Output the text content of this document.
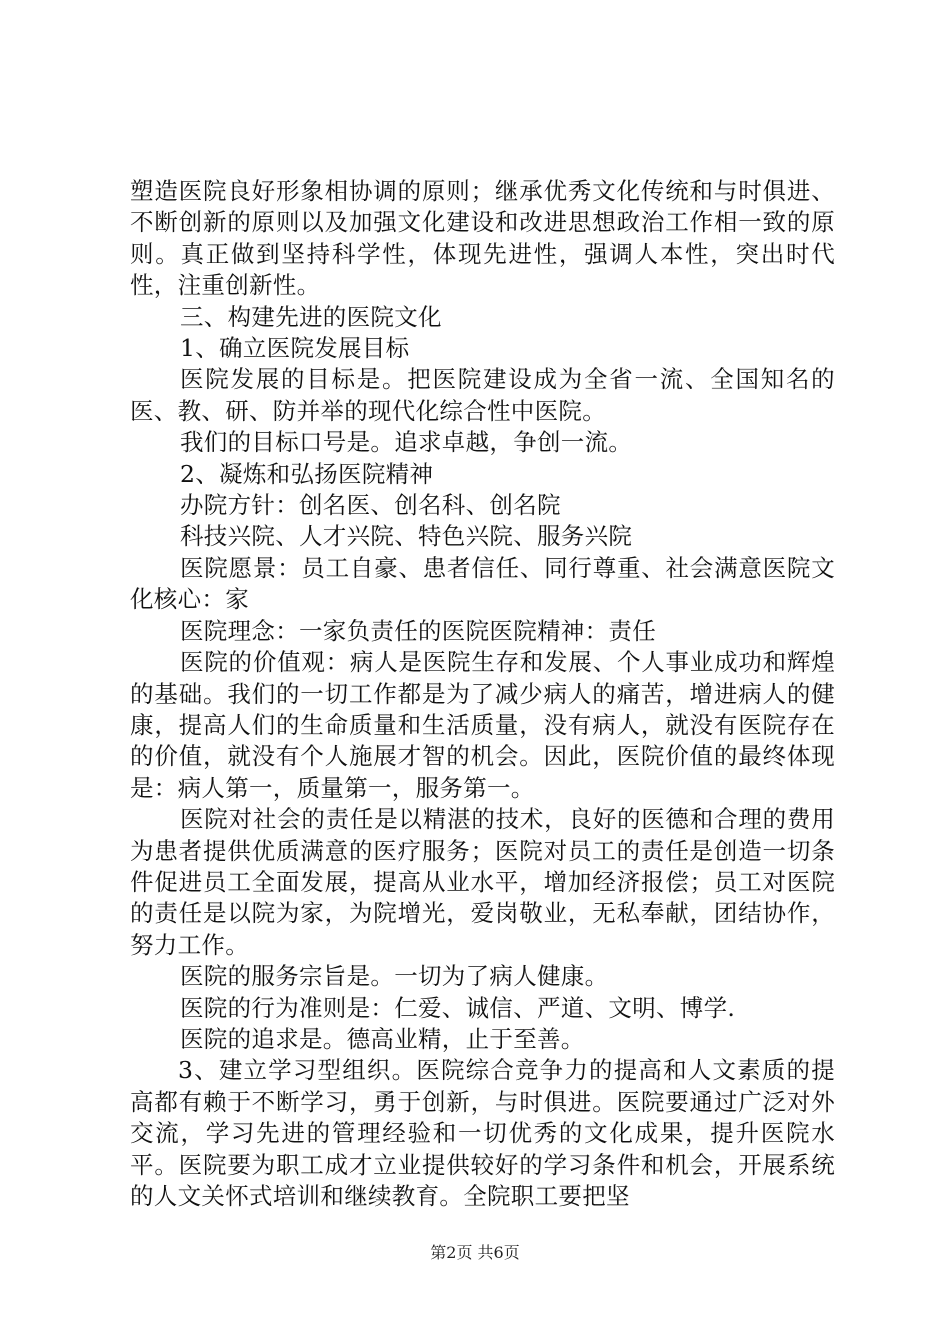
塑造医院良好形象相协调的原则；继承优秀文化传统和与时俱进、不断创新的原则以及加强文化建设和改进思想政治工作相一致的原则。真正做到坚持科学性，体现先进性，强调人本性，突出时代性，注重创新性。

三、构建先进的医院文化

1、确立医院发展目标

医院发展的目标是。把医院建设成为全省一流、全国知名的医、教、研、防并举的现代化综合性中医院。

我们的目标口号是。追求卓越，争创一流。

2、凝炼和弘扬医院精神

办院方针：创名医、创名科、创名院

科技兴院、人才兴院、特色兴院、服务兴院

医院愿景：员工自豪、患者信任、同行尊重、社会满意医院文化核心：家

医院理念：一家负责任的医院医院精神：责任

医院的价值观：病人是医院生存和发展、个人事业成功和辉煌的基础。我们的一切工作都是为了减少病人的痛苦，增进病人的健康，提高人们的生命质量和生活质量，没有病人，就没有医院存在的价值，就没有个人施展才智的机会。因此，医院价值的最终体现是：病人第一，质量第一，服务第一。

医院对社会的责任是以精湛的技术，良好的医德和合理的费用为患者提供优质满意的医疗服务；医院对员工的责任是创造一切条件促进员工全面发展，提高从业水平，增加经济报偿；员工对医院的责任是以院为家，为院增光，爱岗敬业，无私奉献，团结协作，努力工作。

医院的服务宗旨是。一切为了病人健康。

医院的行为准则是：仁爱、诚信、严道、文明、博学.

医院的追求是。德高业精，止于至善。

3、建立学习型组织。医院综合竞争力的提高和人文素质的提高都有赖于不断学习，勇于创新，与时俱进。医院要通过广泛对外交流，学习先进的管理经验和一切优秀的文化成果，提升医院水平。医院要为职工成才立业提供较好的学习条件和机会，开展系统的人文关怀式培训和继续教育。全院职工要把坚

第2页 共6页
